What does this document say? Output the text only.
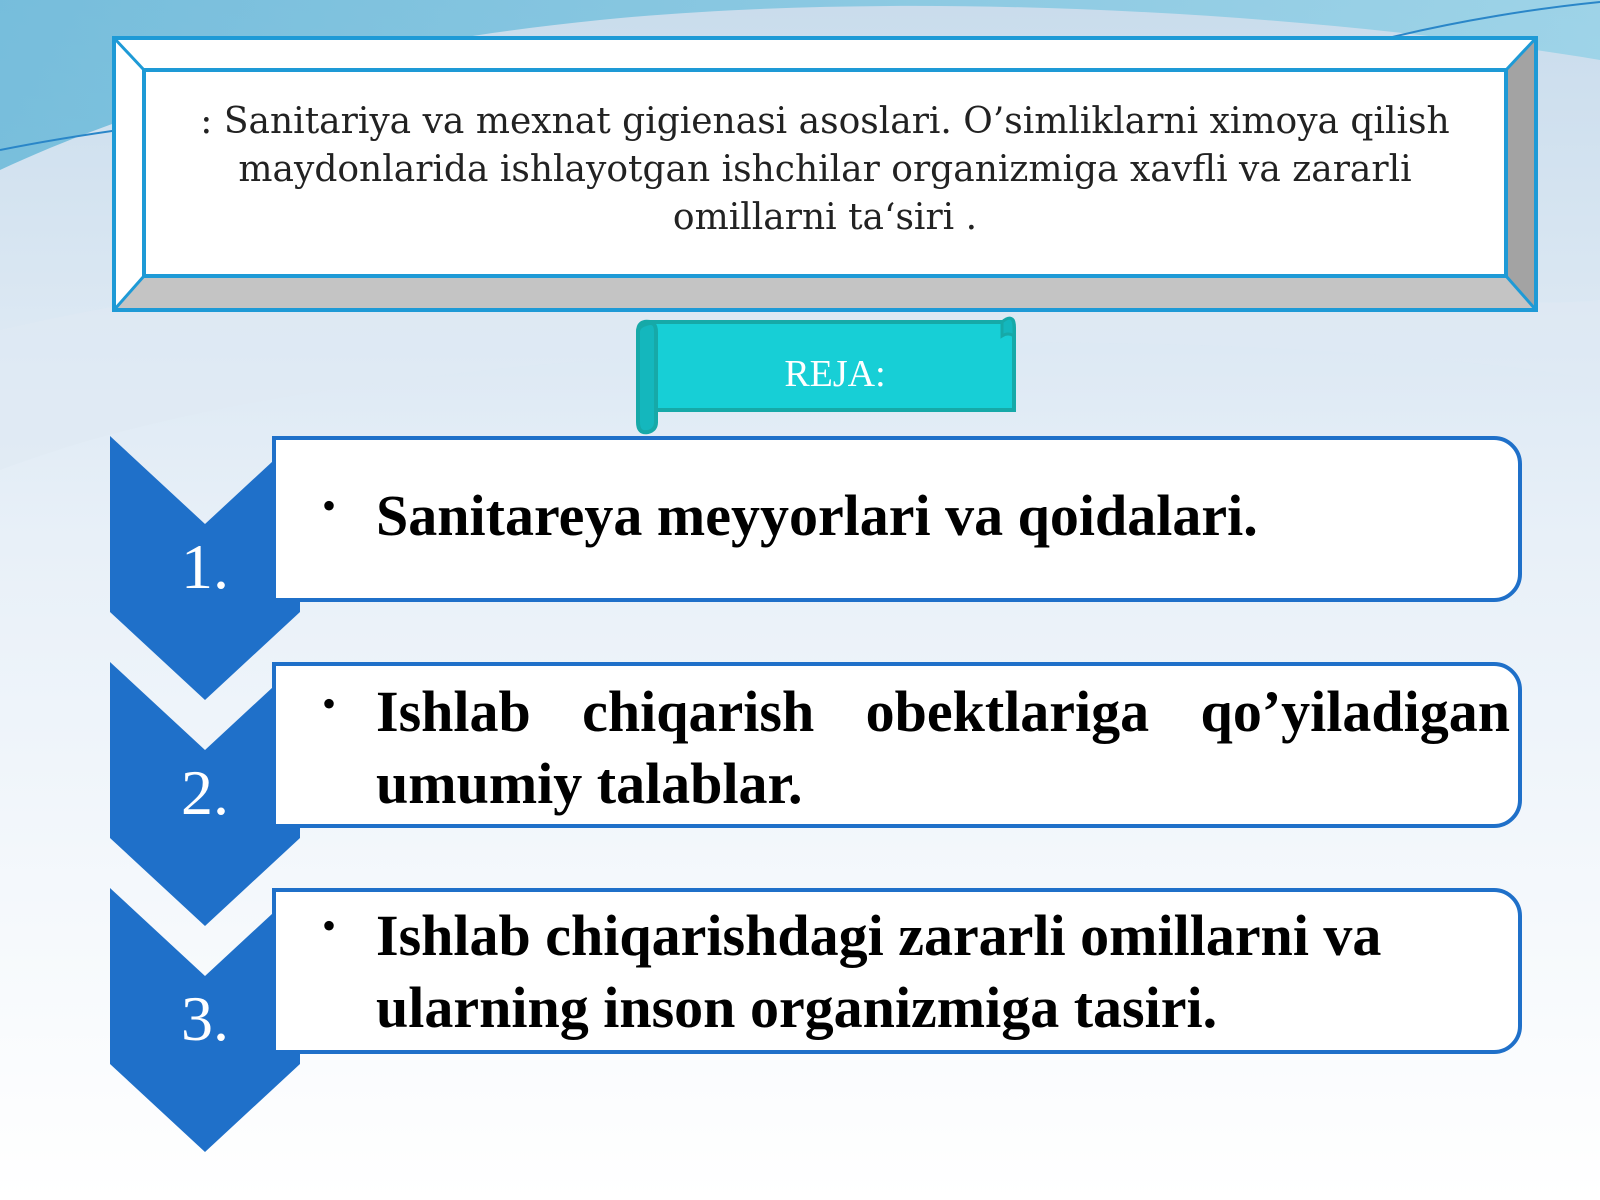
: Sanitariya va mexnat gigienasi asoslari. O’simliklarni ximoya qilish maydonlarida ishlayotgan ishchilar organizmiga xavfli va zararli omillarni ta‘siri .
REJA:
1.
• Sanitareya meyyorlari va qoidalari.
2.
• Ishlab chiqarish obektlariga qo’yiladigan umumiy talablar.
3.
• Ishlab chiqarishdagi zararli omillarni va ularning inson organizmiga tasiri.
